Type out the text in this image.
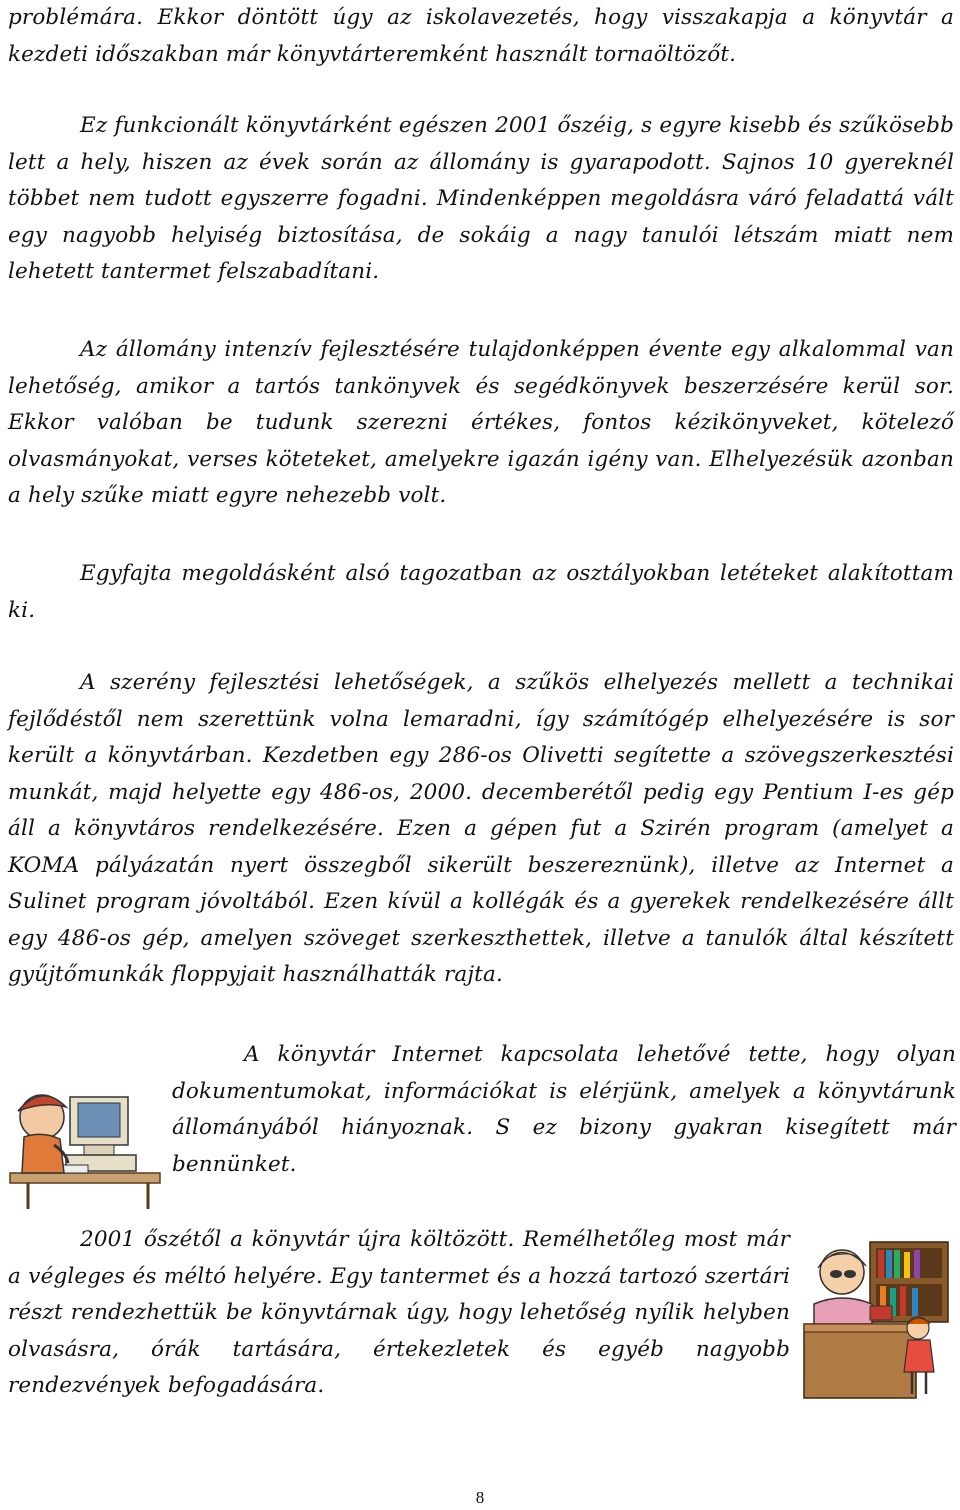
problémára. Ekkor döntött úgy az iskolavezetés, hogy visszakapja a könyvtár a kezdeti időszakban már könyvtárteremként használt tornaöltözőt.

Ez funkcionált könyvtárként egészen 2001 őszéig, s egyre kisebb és szűkösebb lett a hely, hiszen az évek során az állomány is gyarapodott. Sajnos 10 gyereknél többet nem tudott egyszerre fogadni. Mindenképpen megoldásra váró feladattá vált egy nagyobb helyiség biztosítása, de sokáig a nagy tanulói létszám miatt nem lehetett tantermet felszabadítani.

Az állomány intenzív fejlesztésére tulajdonképpen évente egy alkalommal van lehetőség, amikor a tartós tankönyvek és segédkönyvek beszerzésére kerül sor. Ekkor valóban be tudunk szerezni értékes, fontos kézikönyveket, kötelező olvasmányokat, verses köteteket, amelyekre igazán igény van. Elhelyezésük azonban a hely szűke miatt egyre nehezebb volt.

Egyfajta megoldásként alsó tagozatban az osztályokban letéteket alakítottam ki.

A szerény fejlesztési lehetőségek, a szűkös elhelyezés mellett a technikai fejlődéstől nem szerettünk volna lemaradni, így számítógép elhelyezésére is sor került a könyvtárban. Kezdetben egy 286-os Olivetti segítette a szövegszerkesztési munkát, majd helyette egy 486-os, 2000. decemberétől pedig egy Pentium I-es gép áll a könyvtáros rendelkezésére. Ezen a gépen fut a Szirén program (amelyet a KOMA pályázatán nyert összegből sikerült beszereznünk), illetve az Internet a Sulinet program jóvoltából. Ezen kívül a kollégák és a gyerekek rendelkezésére állt egy 486-os gép, amelyen szöveget szerkeszthettek, illetve a tanulók által készített gyűjtőmunkák floppyjait használhatták rajta.

A könyvtár Internet kapcsolata lehetővé tette, hogy olyan dokumentumokat, információkat is elérjünk, amelyek a könyvtárunk állományából hiányoznak. S ez bizony gyakran kisegített már bennünket.

2001 őszétől a könyvtár újra költözött. Remélhetőleg most már a végleges és méltó helyére. Egy tantermet és a hozzá tartozó szertári részt rendezhettük be könyvtárnak úgy, hogy lehetőség nyílik helyben olvasásra, órák tartására, értekezletek és egyéb nagyobb rendezvények befogadására.

8
